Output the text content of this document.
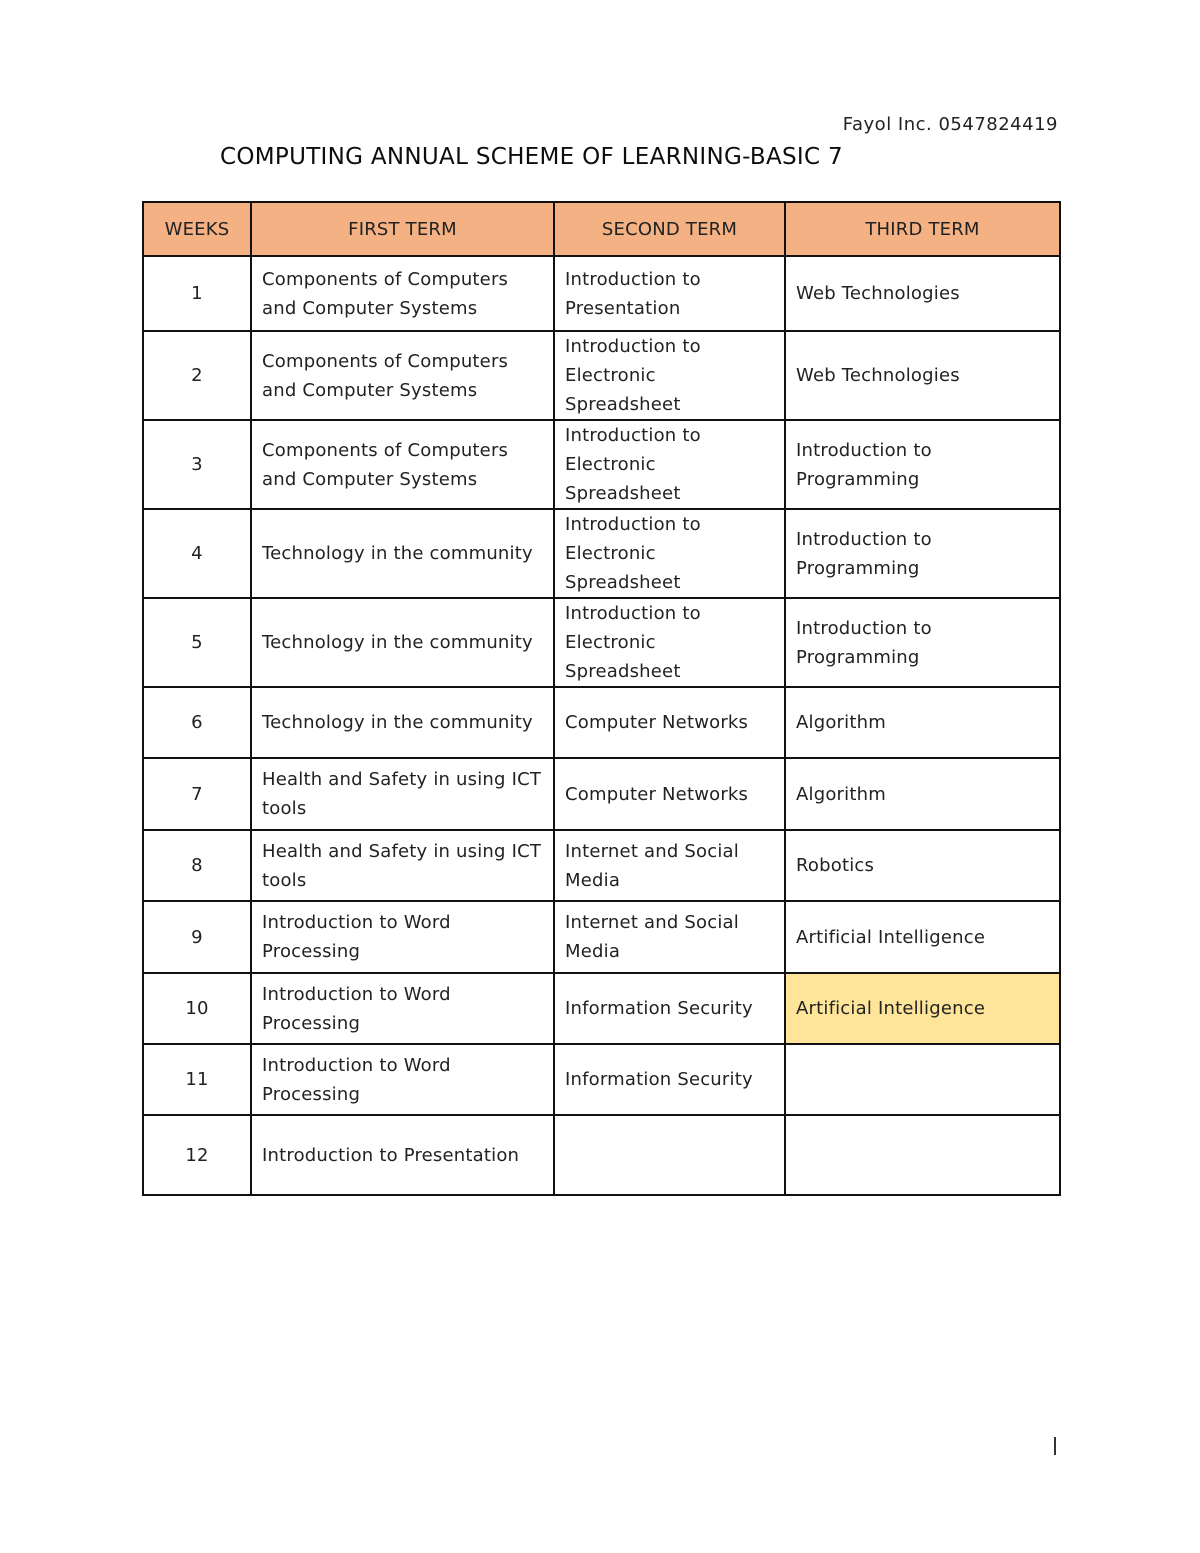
Fayol Inc. 0547824419
COMPUTING ANNUAL SCHEME OF LEARNING-BASIC 7
WEEKS	FIRST TERM	SECOND TERM	THIRD TERM
1	Components of Computers and Computer Systems	Introduction to Presentation	Web Technologies
2	Components of Computers and Computer Systems	Introduction to Electronic Spreadsheet	Web Technologies
3	Components of Computers and Computer Systems	Introduction to Electronic Spreadsheet	Introduction to Programming
4	Technology in the community	Introduction to Electronic Spreadsheet	Introduction to Programming
5	Technology in the community	Introduction to Electronic Spreadsheet	Introduction to Programming
6	Technology in the community	Computer Networks	Algorithm
7	Health and Safety in using ICT tools	Computer Networks	Algorithm
8	Health and Safety in using ICT tools	Internet and Social Media	Robotics
9	Introduction to Word Processing	Internet and Social Media	Artificial Intelligence
10	Introduction to Word Processing	Information Security	Artificial Intelligence
11	Introduction to Word Processing	Information Security	
12	Introduction to Presentation		
